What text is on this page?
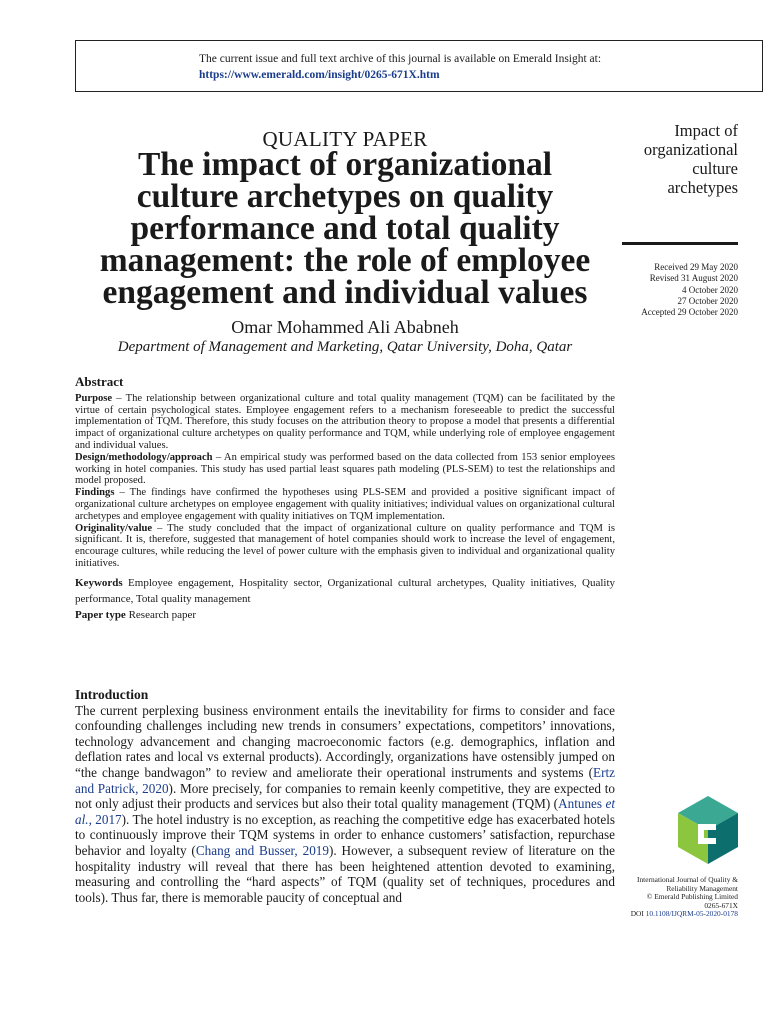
The current issue and full text archive of this journal is available on Emerald Insight at:
https://www.emerald.com/insight/0265-671X.htm
QUALITY PAPER
The impact of organizational
culture archetypes on quality
performance and total quality
management: the role of employee
engagement and individual values
Omar Mohammed Ali Ababneh
Department of Management and Marketing, Qatar University, Doha, Qatar
Impact of
organizational
culture
archetypes
Received 29 May 2020
Revised 31 August 2020
4 October 2020
27 October 2020
Accepted 29 October 2020
Abstract

Purpose – The relationship between organizational culture and total quality management (TQM) can be facilitated by the virtue of certain psychological states. Employee engagement refers to a mechanism foreseeable to predict the successful implementation of TQM. Therefore, this study focuses on the attribution theory to propose a model that presents a differential impact of organizational culture archetypes on quality performance and TQM, while underlying role of employee engagement and individual values.

Design/methodology/approach – An empirical study was performed based on the data collected from 153 senior employees working in hotel companies. This study has used partial least squares path modeling (PLS-SEM) to test the relationships and model proposed.

Findings – The findings have confirmed the hypotheses using PLS-SEM and provided a positive significant impact of organizational culture archetypes on employee engagement with quality initiatives; individual values on organizational cultural archetypes and employee engagement with quality initiatives on TQM implementation.

Originality/value – The study concluded that the impact of organizational culture on quality performance and TQM is significant. It is, therefore, suggested that management of hotel companies should work to increase the level of engagement, encourage cultures, while reducing the level of power culture with the emphasis given to individual and organizational quality initiatives.

Keywords Employee engagement, Hospitality sector, Organizational cultural archetypes, Quality initiatives, Quality performance, Total quality management

Paper type Research paper

Introduction

The current perplexing business environment entails the inevitability for firms to consider and face confounding challenges including new trends in consumers’ expectations, competitors’ innovations, technology advancement and changing macroeconomic factors (e.g. demographics, inflation and deflation rates and local vs external products). Accordingly, organizations have ostensibly jumped on “the change bandwagon” to review and ameliorate their operational instruments and systems (Ertz and Patrick, 2020). More precisely, for companies to remain keenly competitive, they are expected to not only adjust their products and services but also their total quality management (TQM) (Antunes et al., 2017). The hotel industry is no exception, as reaching the competitive edge has exacerbated hotels to continuously improve their TQM systems in order to enhance customers’ satisfaction, repurchase behavior and loyalty (Chang and Busser, 2019). However, a subsequent review of literature on the hospitality industry will reveal that there has been heightened attention devoted to examining, measuring and controlling the “hard aspects” of TQM (quality set of techniques, procedures and tools). Thus far, there is memorable paucity of conceptual and

International Journal of Quality &
Reliability Management
© Emerald Publishing Limited
0265-671X
DOI 10.1108/IJQRM-05-2020-0178
